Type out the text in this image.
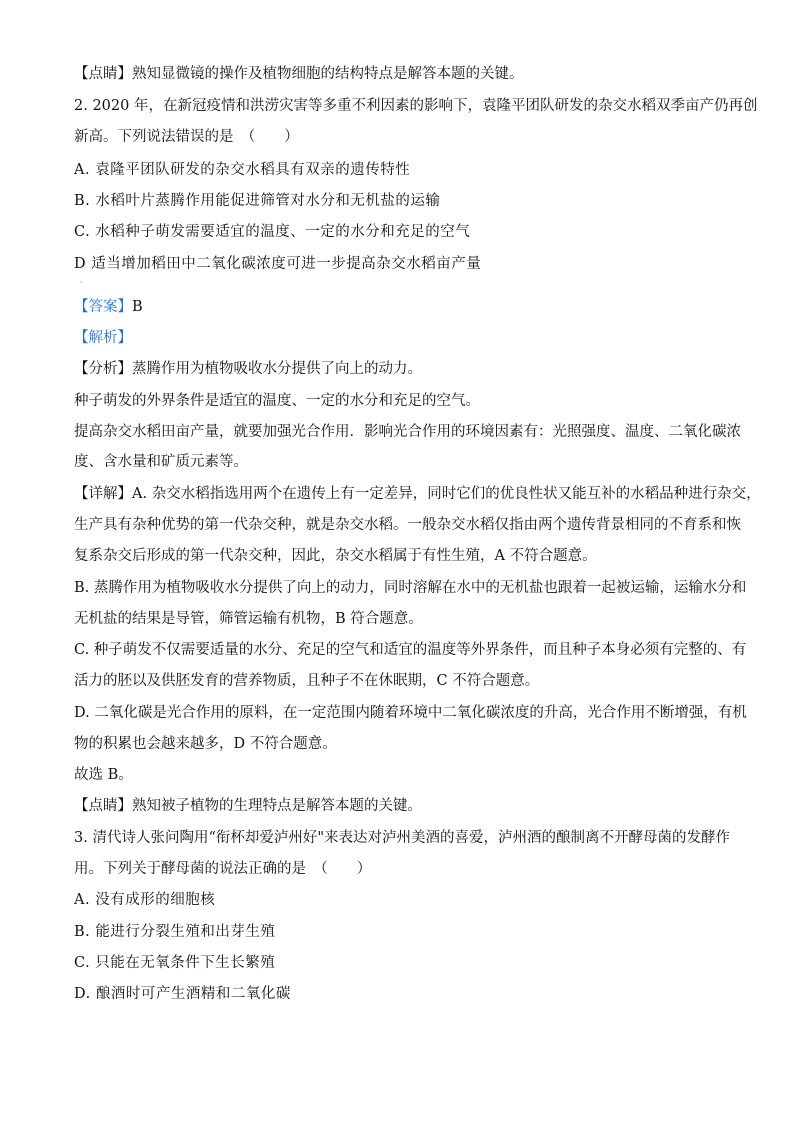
【点睛】熟知显微镜的操作及植物细胞的结构特点是解答本题的关键。
2. 2020 年，在新冠疫情和洪涝灾害等多重不利因素的影响下，袁隆平团队研发的杂交水稻双季亩产仍再创
新高。下列说法错误的是　（　　）
A. 袁隆平团队研发的杂交水稻具有双亲的遗传特性
B. 水稻叶片蒸腾作用能促进筛管对水分和无机盐的运输
C. 水稻种子萌发需要适宜的温度、一定的水分和充足的空气
D 适当增加稻田中二氧化碳浓度可进一步提高杂交水稻亩产量
·
【答案】B
【解析】
【分析】蒸腾作用为植物吸收水分提供了向上的动力。
种子萌发的外界条件是适宜的温度、一定的水分和充足的空气。
提高杂交水稻田亩产量，就要加强光合作用．影响光合作用的环境因素有：光照强度、温度、二氧化碳浓
度、含水量和矿质元素等。
【详解】A. 杂交水稻指选用两个在遗传上有一定差异，同时它们的优良性状又能互补的水稻品种进行杂交，
生产具有杂种优势的第一代杂交种，就是杂交水稻。一般杂交水稻仅指由两个遗传背景相同的不育系和恢
复系杂交后形成的第一代杂交种，因此，杂交水稻属于有性生殖，A 不符合题意。
B. 蒸腾作用为植物吸收水分提供了向上的动力，同时溶解在水中的无机盐也跟着一起被运输，运输水分和
无机盐的结果是导管，筛管运输有机物，B 符合题意。
C. 种子萌发不仅需要适量的水分、充足的空气和适宜的温度等外界条件，而且种子本身必须有完整的、有
活力的胚以及供胚发育的营养物质，且种子不在休眠期，C 不符合题意。
D. 二氧化碳是光合作用的原料，在一定范围内随着环境中二氧化碳浓度的升高，光合作用不断增强，有机
物的积累也会越来越多，D 不符合题意。
故选 B。
【点睛】熟知被子植物的生理特点是解答本题的关键。
3. 清代诗人张问陶用“衔杯却爱泸州好"来表达对泸州美酒的喜爱，泸州酒的酿制离不开酵母菌的发酵作
用。下列关于酵母菌的说法正确的是　（　　）
A. 没有成形的细胞核
B. 能进行分裂生殖和出芽生殖
C. 只能在无氧条件下生长繁殖
D. 酿酒时可产生酒精和二氧化碳
